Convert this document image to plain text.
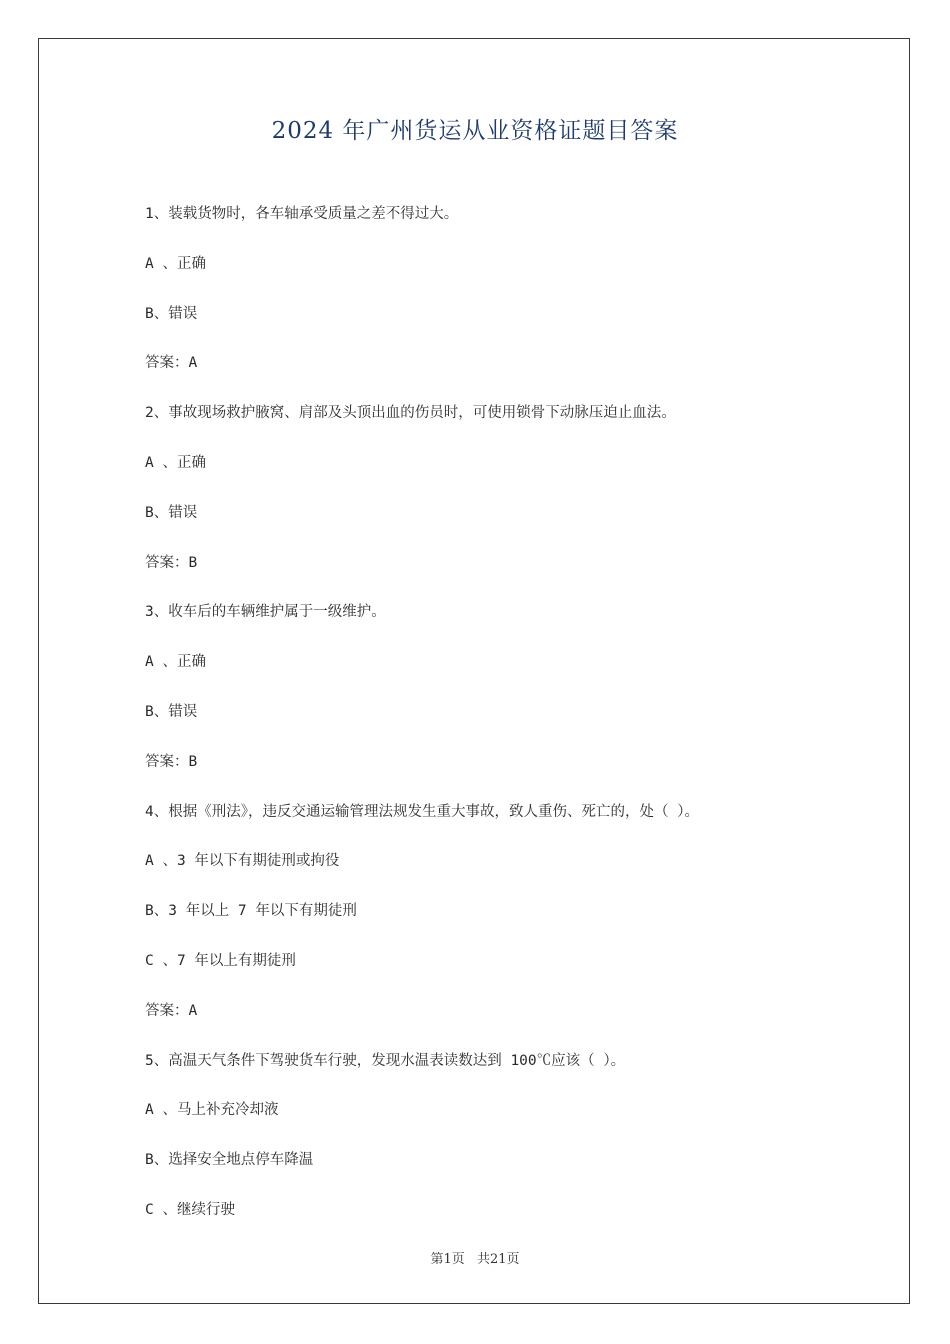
2024 年广州货运从业资格证题目答案
1、装载货物时，各车轴承受质量之差不得过大。
A 、正确
B、错误
答案：A
2、事故现场救护腋窝、肩部及头顶出血的伤员时，可使用锁骨下动脉压迫止血法。
A 、正确
B、错误
答案：B
3、收车后的车辆维护属于一级维护。
A 、正确
B、错误
答案：B
4、根据《刑法》，违反交通运输管理法规发生重大事故，致人重伤、死亡的，处（ ）。
A 、3 年以下有期徒刑或拘役
B、3 年以上 7 年以下有期徒刑
C 、7 年以上有期徒刑
答案：A
5、高温天气条件下驾驶货车行驶，发现水温表读数达到 100℃应该（ ）。
A 、马上补充冷却液
B、选择安全地点停车降温
C 、继续行驶
第1页 共21页
